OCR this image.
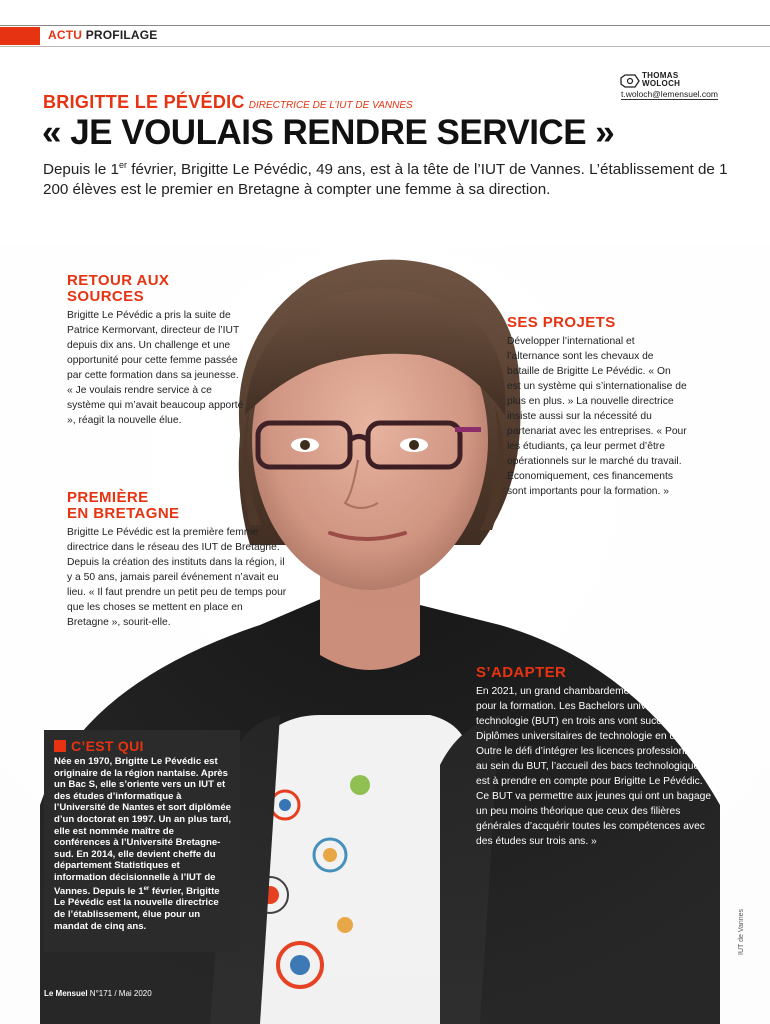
ACTU PROFILAGE
THOMAS
WOLOCH
t.woloch@lemensuel.com
BRIGITTE LE PÉVÉDIC DIRECTRICE DE L’IUT DE VANNES
« JE VOULAIS RENDRE SERVICE »
Depuis le 1er février, Brigitte Le Pévédic, 49 ans, est à la tête de l’IUT de Vannes. L’établissement de 1 200 élèves est le premier en Bretagne à compter une femme à sa direction.
RETOUR AUX
SOURCES

Brigitte Le Pévédic a pris la suite de Patrice Kermorvant, directeur de l’IUT depuis dix ans. Un challenge et une opportunité pour cette femme passée par cette formation dans sa jeunesse. « Je voulais rendre service à ce système qui m’avait beaucoup apporté », réagit la nouvelle élue.

PREMIÈRE
EN BRETAGNE

Brigitte Le Pévédic est la première femme directrice dans le réseau des IUT de Bretagne. Depuis la création des instituts dans la région, il y a 50 ans, jamais pareil événement n’avait eu lieu. « Il faut prendre un petit peu de temps pour que les choses se mettent en place en Bretagne », sourit-elle.

SES PROJETS

Développer l’international et l’alternance sont les chevaux de bataille de Brigitte Le Pévédic. « On est un système qui s’internationalise de plus en plus. » La nouvelle directrice insiste aussi sur la nécessité du partenariat avec les entreprises. « Pour les étudiants, ça leur permet d’être opérationnels sur le marché du travail. Économiquement, ces financements sont importants pour la formation. »

S’ADAPTER

En 2021, un grand chambardement va avoir lieu pour la formation. Les Bachelors universitaires de technologie (BUT) en trois ans vont succéder aux Diplômes universitaires de technologie en deux ans. Outre le défi d’intégrer les licences professionnelles au sein du BUT, l’accueil des bacs technologiques est à prendre en compte pour Brigitte Le Pévédic. « Ce BUT va permettre aux jeunes qui ont un bagage un peu moins théorique que ceux des filières générales d’acquérir toutes les compétences avec des études sur trois ans. »

C’EST QUI

Née en 1970, Brigitte Le Pévédic est originaire de la région nantaise. Après un Bac S, elle s’oriente vers un IUT et des études d’informatique à l’Université de Nantes et sort diplômée d’un doctorat en 1997. Un an plus tard, elle est nommée maître de conférences à l’Université Bretagne-sud. En 2014, elle devient cheffe du département Statistiques et information décisionnelle à l’IUT de Vannes. Depuis le 1er février, Brigitte Le Pévédic est la nouvelle directrice de l’établissement, élue pour un mandat de cinq ans.

Le Mensuel N°171 / Mai 2020
IUT de Vannes
